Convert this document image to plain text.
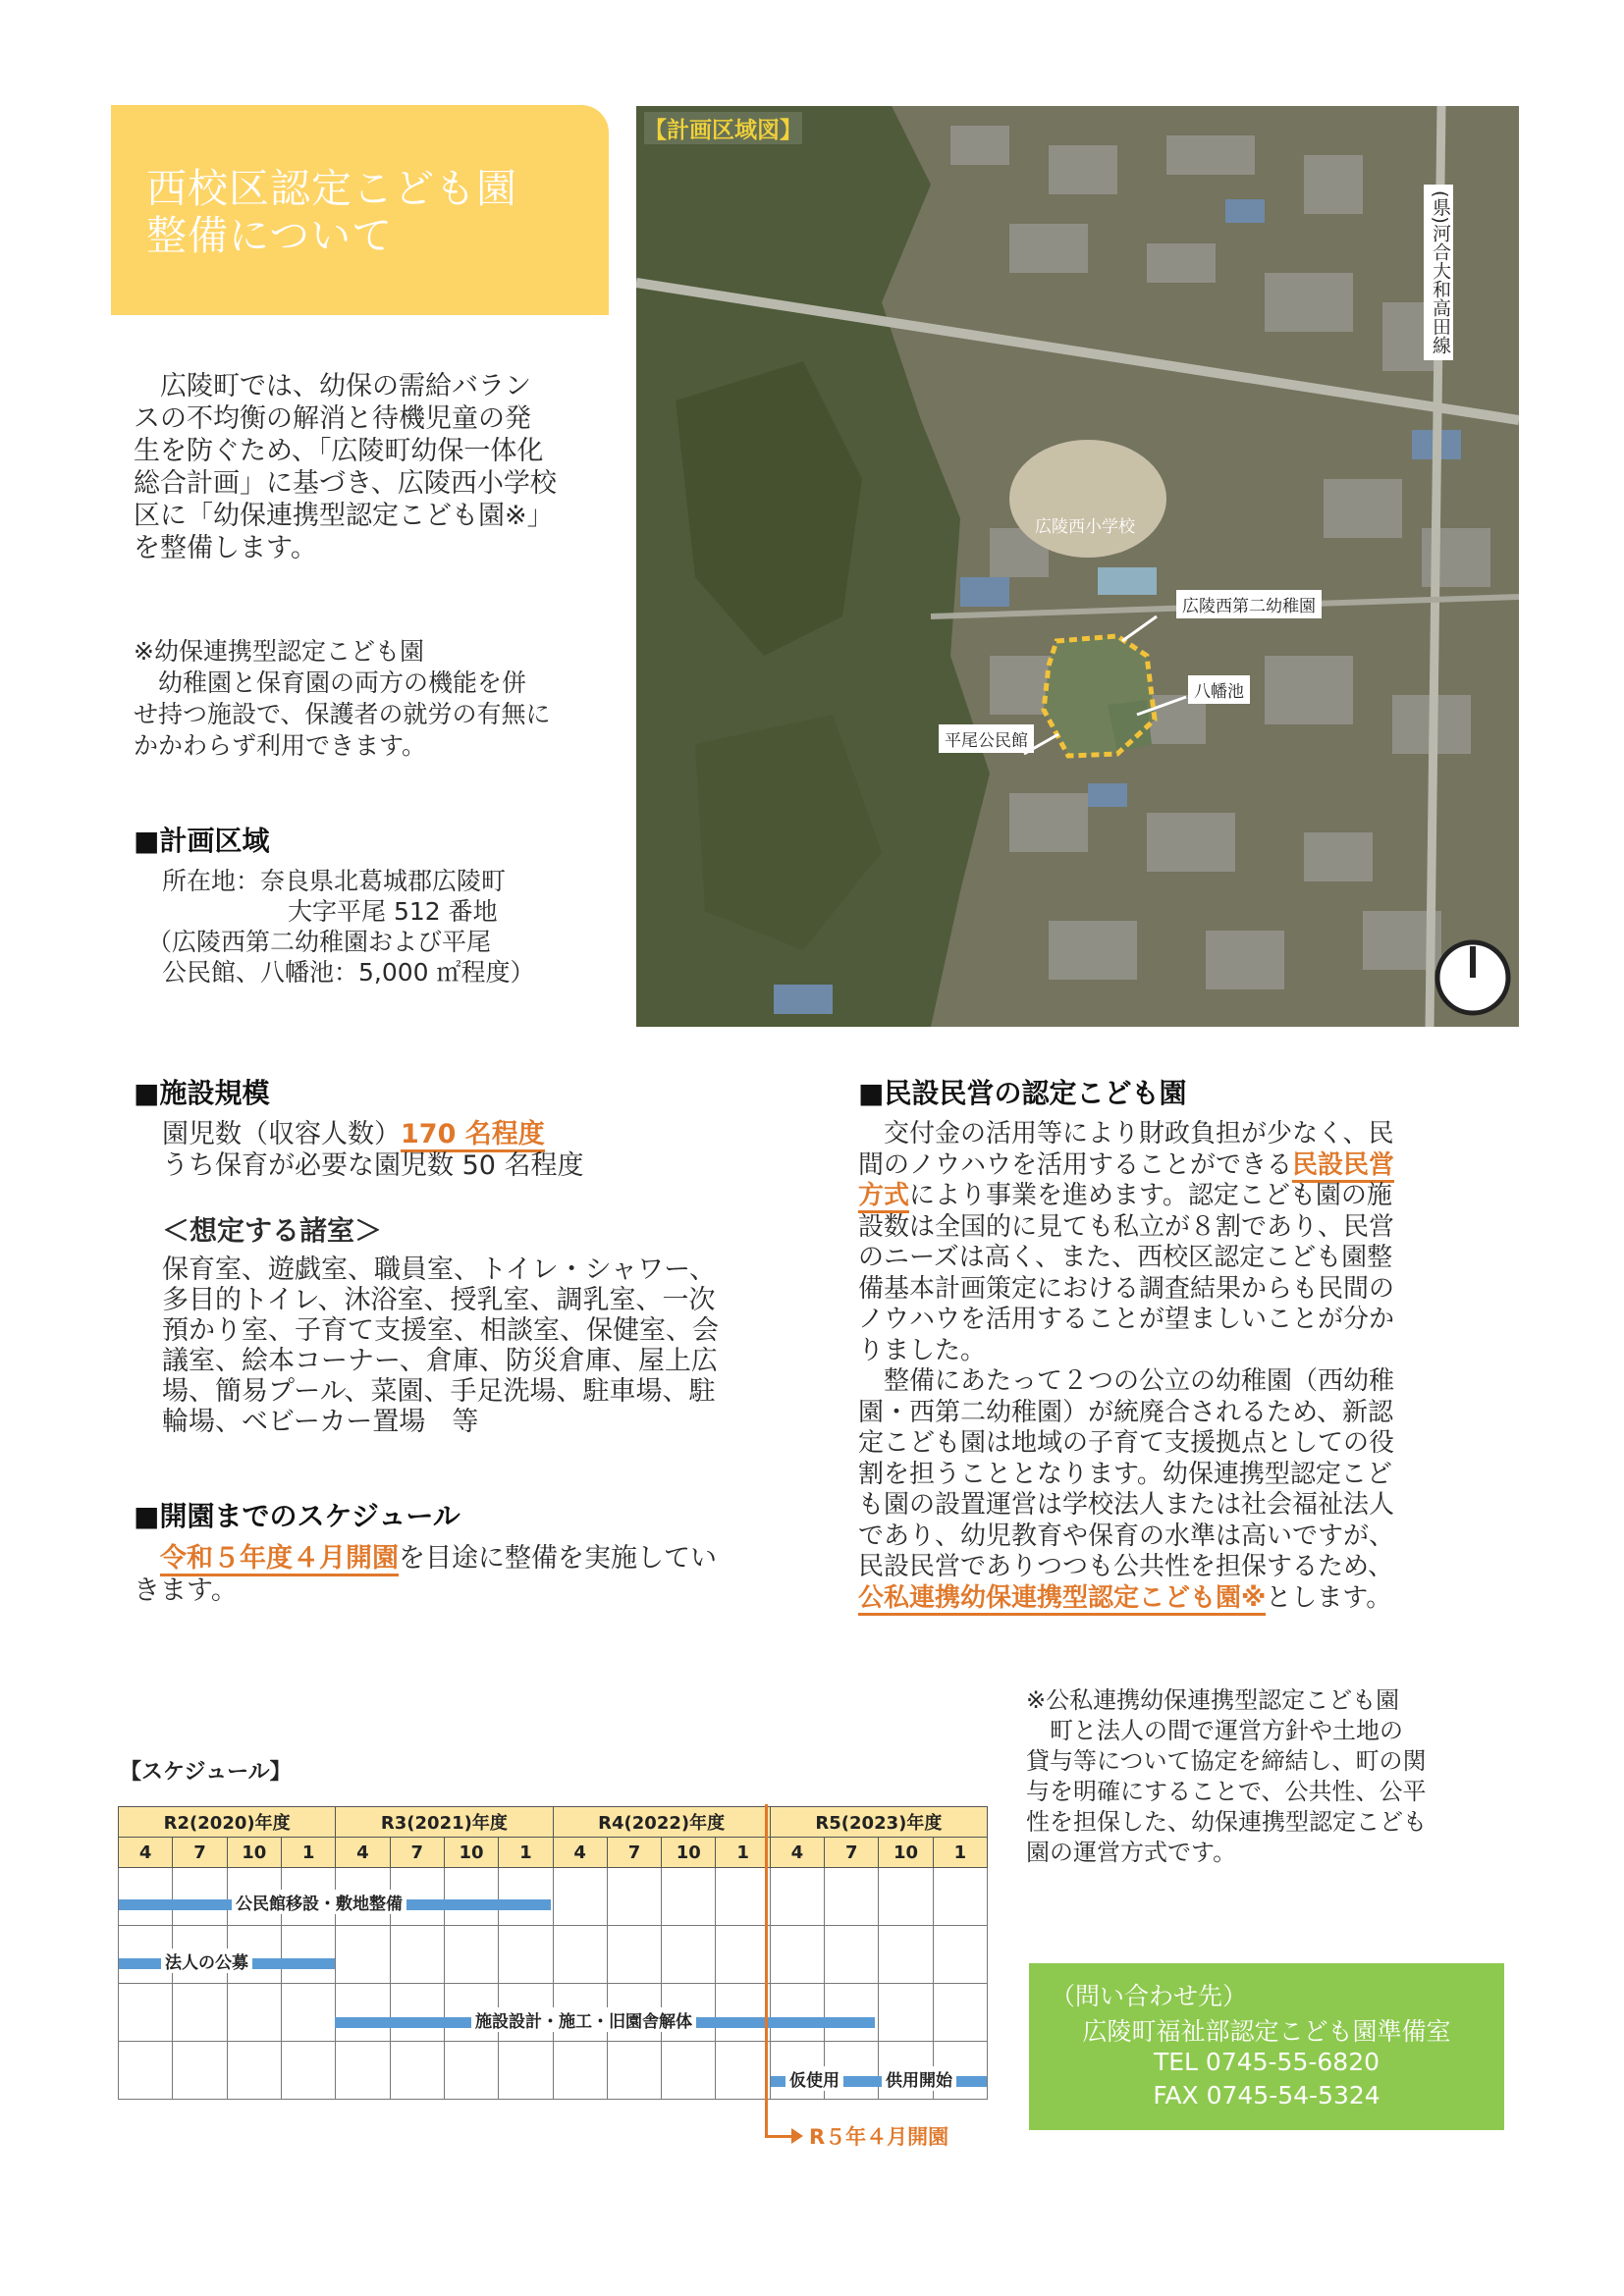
西校区認定こども園
整備について
広陵町では、幼保の需給バラン
スの不均衡の解消と待機児童の発
生を防ぐため、「広陵町幼保一体化
総合計画」に基づき、広陵西小学校
区に「幼保連携型認定こども園※」
を整備します。
※幼保連携型認定こども園
幼稚園と保育園の両方の機能を併
せ持つ施設で、保護者の就労の有無に
かかわらず利用できます。
■計画区域
所在地：奈良県北葛城郡広陵町
大字平尾 512 番地
（広陵西第二幼稚園および平尾
公民館、八幡池：5,000 ㎡程度）
【計画区域図】
(県)河合大和高田線
広陵西小学校
広陵西第二幼稚園
八幡池
平尾公民館
■施設規模
園児数（収容人数）170 名程度
うち保育が必要な園児数 50 名程度
＜想定する諸室＞
保育室、遊戯室、職員室、トイレ・シャワー、
多目的トイレ、沐浴室、授乳室、調乳室、一次
預かり室、子育て支援室、相談室、保健室、会
議室、絵本コーナー、倉庫、防災倉庫、屋上広
場、簡易プール、菜園、手足洗場、駐車場、駐
輪場、ベビーカー置場　等
■開園までのスケジュール
令和５年度４月開園を目途に整備を実施してい
きます。
■民設民営の認定こども園
交付金の活用等により財政負担が少なく、民
間のノウハウを活用することができる民設民営
方式により事業を進めます。認定こども園の施
設数は全国的に見ても私立が８割であり、民営
のニーズは高く、また、西校区認定こども園整
備基本計画策定における調査結果からも民間の
ノウハウを活用することが望ましいことが分か
りました。
整備にあたって２つの公立の幼稚園（西幼稚
園・西第二幼稚園）が統廃合されるため、新認
定こども園は地域の子育て支援拠点としての役
割を担うこととなります。幼保連携型認定こど
も園の設置運営は学校法人または社会福祉法人
であり、幼児教育や保育の水準は高いですが、
民設民営でありつつも公共性を担保するため、
公私連携幼保連携型認定こども園※とします。
※公私連携幼保連携型認定こども園
町と法人の間で運営方針や土地の
貸与等について協定を締結し、町の関
与を明確にすることで、公共性、公平
性を担保した、幼保連携型認定こども
園の運営方式です。
【スケジュール】
R2(2020)年度				R3(2021)年度				R4(2022)年度				R5(2023)年度			
4	7	10	1	4	7	10	1	4	7	10	1	4	7	10	1

公民館移設・敷地整備
法人の公募
施設設計・施工・旧園舎解体
仮使用	供用開始
R５年４月開園
（問い合わせ先）
広陵町福祉部認定こども園準備室
TEL 0745-55-6820
FAX 0745-54-5324
